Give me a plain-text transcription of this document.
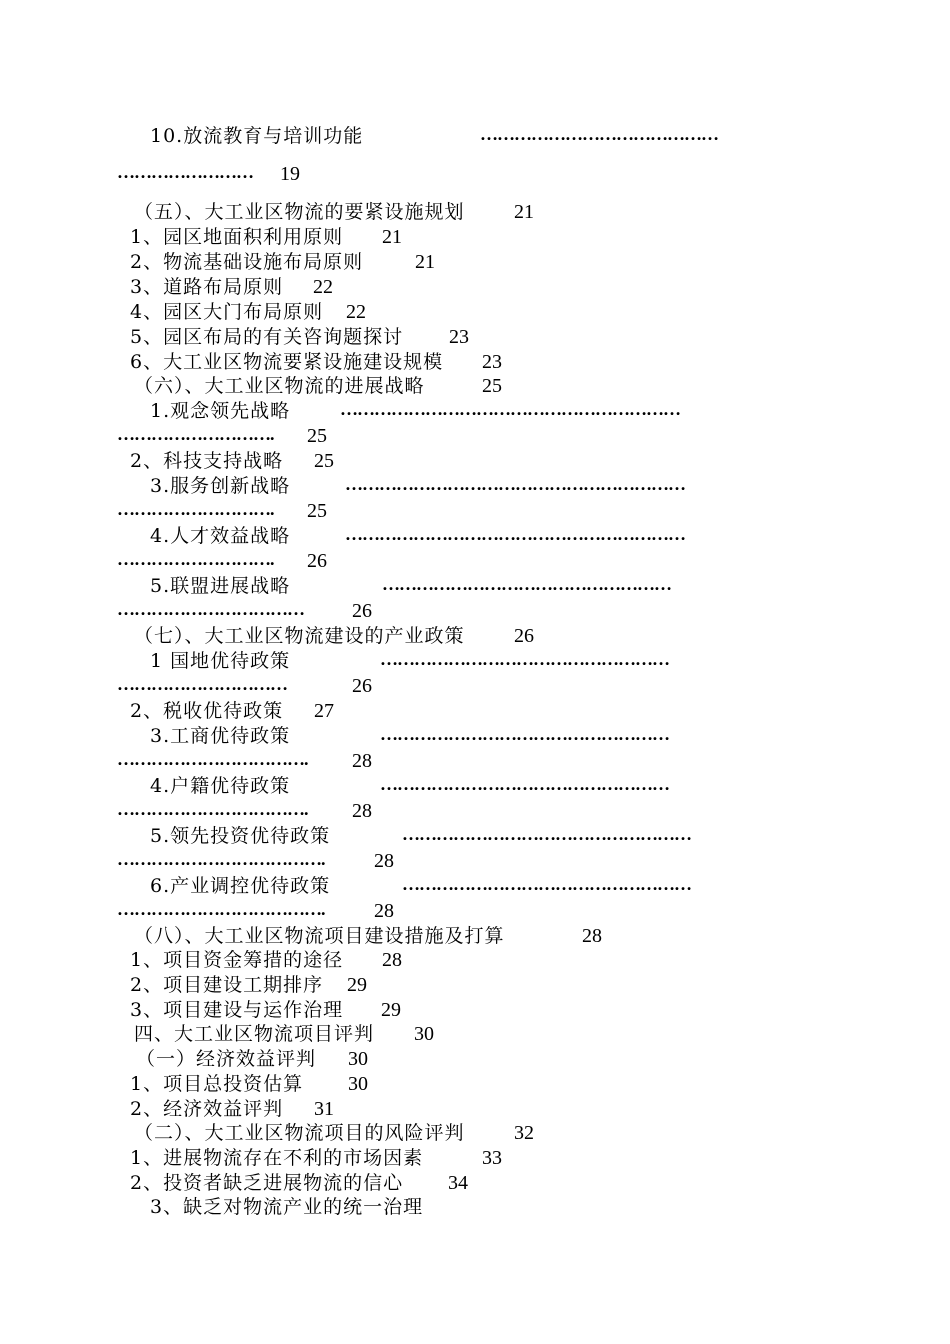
10.放流教育与培训功能	……………………………………
……………………	19
（五）、大工业区物流的要紧设施规划 21
1、园区地面积利用原则 21
2、物流基础设施布局原则	21
3、道路布局原则 22
4、园区大门布局原则 22
5、园区布局的有关咨询题探讨 23
6、大工业区物流要紧设施建设规模 23
（六）、大工业区物流的进展战略	25
1.观念领先战略	……………………………………………………
……………………….	25
2、科技支持战略 25
3.服务创新战略	……………………………………………………
……………………….	25
4.人才效益战略	……………………………………………………
……………………….	26
5.联盟进展战略	……………………………………………
……………………………	26
（七）、大工业区物流建设的产业政策 26
1 国地优待政策	……………………………………………
…………………………	26
2、税收优待政策 27
3.工商优待政策	……………………………………………
…………………………….	28
4.户籍优待政策	……………………………………………
…………………………….	28
5.领先投资优待政策	……………………………………………
……………………………….	28
6.产业调控优待政策	……………………………………………
……………………………….	28
（八）、大工业区物流项目建设措施及打算	28
1、项目资金筹措的途径 28
2、项目建设工期排序 29
3、项目建设与运作治理 29
四、大工业区物流项目评判 30
（一）经济效益评判 30
1、项目总投资估算 30
2、经济效益评判 31
（二）、大工业区物流项目的风险评判 32
1、进展物流存在不利的市场因素	33
2、投资者缺乏进展物流的信心 34
3、缺乏对物流产业的统一治理
